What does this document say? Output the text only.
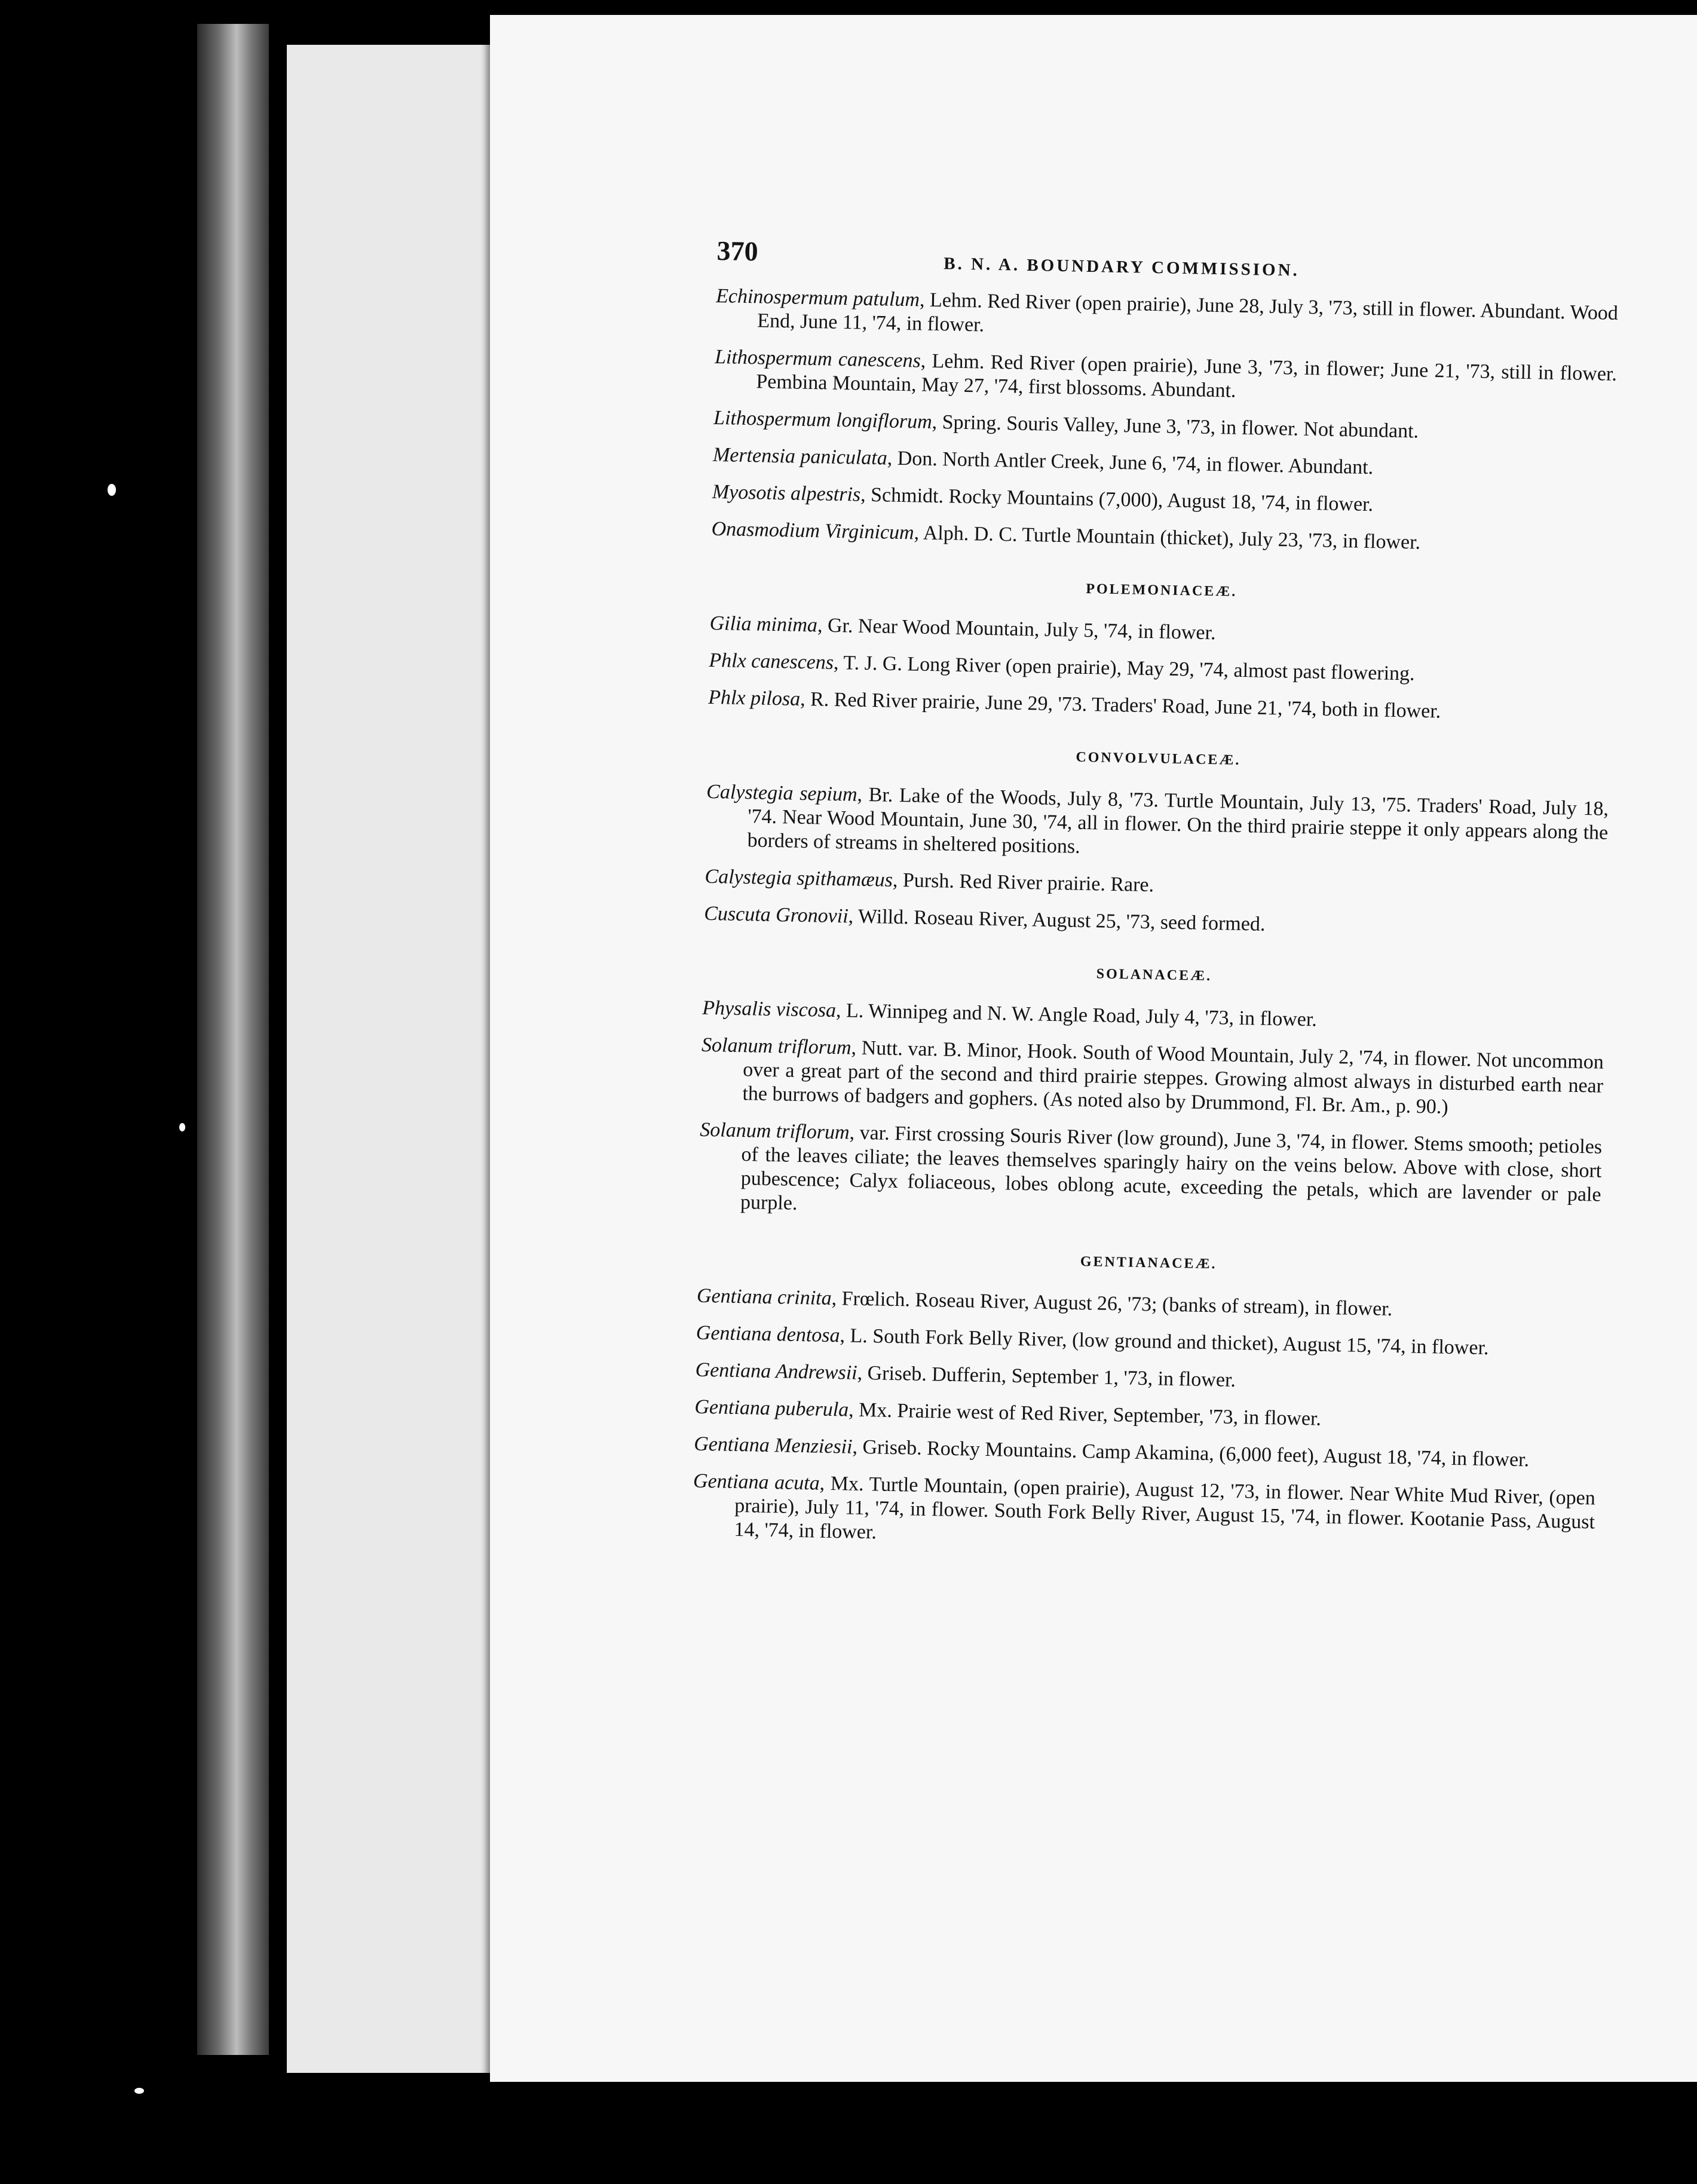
370
B. N. A. BOUNDARY COMMISSION.

Echinospermum patulum, Lehm. Red River (open prairie), June 28, July 3, '73, still in flower. Abundant. Wood End, June 11, '74, in flower.

Lithospermum canescens, Lehm. Red River (open prairie), June 3, '73, in flower; June 21, '73, still in flower. Pembina Mountain, May 27, '74, first blossoms. Abundant.

Lithospermum longiflorum, Spring. Souris Valley, June 3, '73, in flower. Not abundant.

Mertensia paniculata, Don. North Antler Creek, June 6, '74, in flower. Abundant.

Myosotis alpestris, Schmidt. Rocky Mountains (7,000), August 18, '74, in flower.

Onasmodium Virginicum, Alph. D. C. Turtle Mountain (thicket), July 23, '73, in flower.

POLEMONIACEÆ.

Gilia minima, Gr. Near Wood Mountain, July 5, '74, in flower.

Phlx canescens, T. J. G. Long River (open prairie), May 29, '74, almost past flowering.

Phlx pilosa, R. Red River prairie, June 29, '73. Traders' Road, June 21, '74, both in flower.

CONVOLVULACEÆ.

Calystegia sepium, Br. Lake of the Woods, July 8, '73. Turtle Mountain, July 13, '75. Traders' Road, July 18, '74. Near Wood Mountain, June 30, '74, all in flower. On the third prairie steppe it only appears along the borders of streams in sheltered positions.

Calystegia spithamæus, Pursh. Red River prairie. Rare.

Cuscuta Gronovii, Willd. Roseau River, August 25, '73, seed formed.

SOLANACEÆ.

Physalis viscosa, L. Winnipeg and N. W. Angle Road, July 4, '73, in flower.

Solanum triflorum, Nutt. var. B. Minor, Hook. South of Wood Mountain, July 2, '74, in flower. Not uncommon over a great part of the second and third prairie steppes. Growing almost always in disturbed earth near the burrows of badgers and gophers. (As noted also by Drummond, Fl. Br. Am., p. 90.)

Solanum triflorum, var. First crossing Souris River (low ground), June 3, '74, in flower. Stems smooth; petioles of the leaves ciliate; the leaves themselves sparingly hairy on the veins below. Above with close, short pubescence; Calyx foliaceous, lobes oblong acute, exceeding the petals, which are lavender or pale purple.

GENTIANACEÆ.

Gentiana crinita, Frœlich. Roseau River, August 26, '73; (banks of stream), in flower.

Gentiana dentosa, L. South Fork Belly River, (low ground and thicket), August 15, '74, in flower.

Gentiana Andrewsii, Griseb. Dufferin, September 1, '73, in flower.

Gentiana puberula, Mx. Prairie west of Red River, September, '73, in flower.

Gentiana Menziesii, Griseb. Rocky Mountains. Camp Akamina, (6,000 feet), August 18, '74, in flower.

Gentiana acuta, Mx. Turtle Mountain, (open prairie), August 12, '73, in flower. Near White Mud River, (open prairie), July 11, '74, in flower. South Fork Belly River, August 15, '74, in flower. Kootanie Pass, August 14, '74, in flower.
